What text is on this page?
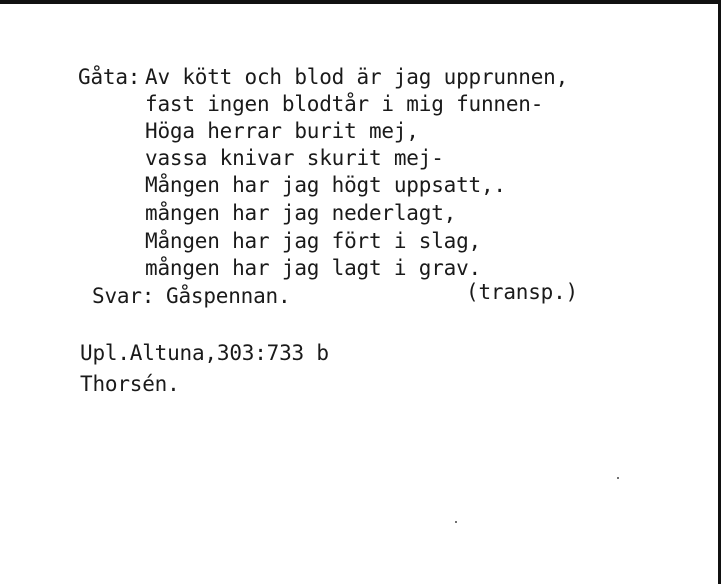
Gåta: Av kött och blod är jag upprunnen,
fast ingen blodtår i mig funnen-
Höga herrar burit mej,
vassa knivar skurit mej-
Mången har jag högt uppsatt,.
mången har jag nederlagt,
Mången har jag fört i slag,
mången har jag lagt i grav.
Svar: Gåspennan.	(transp.)
Upl.Altuna,303:733 b
Thorsén.
